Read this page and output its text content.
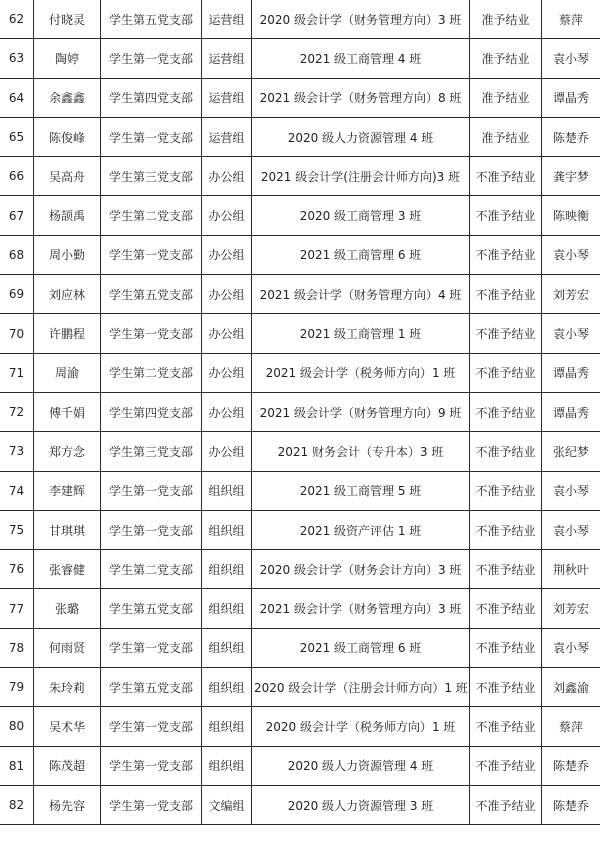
62	付晓灵	学生第五党支部	运营组	2020 级会计学（财务管理方向）3 班	准予结业	蔡萍
63	陶婷	学生第一党支部	运营组	2021 级工商管理 4 班	准予结业	袁小琴
64	余鑫鑫	学生第四党支部	运营组	2021 级会计学（财务管理方向）8 班	准予结业	谭晶秀
65	陈俊峰	学生第一党支部	运营组	2020 级人力资源管理 4 班	准予结业	陈楚乔
66	吴高舟	学生第三党支部	办公组	2021 级会计学(注册会计师方向)3 班	不准予结业	龚宇梦
67	杨颉禹	学生第二党支部	办公组	2020 级工商管理 3 班	不准予结业	陈映衡
68	周小勤	学生第一党支部	办公组	2021 级工商管理 6 班	不准予结业	袁小琴
69	刘应林	学生第五党支部	办公组	2021 级会计学（财务管理方向）4 班	不准予结业	刘芳宏
70	许鹏程	学生第一党支部	办公组	2021 级工商管理 1 班	不准予结业	袁小琴
71	周渝	学生第二党支部	办公组	2021 级会计学（税务师方向）1 班	不准予结业	谭晶秀
72	傅千娟	学生第四党支部	办公组	2021 级会计学（财务管理方向）9 班	不准予结业	谭晶秀
73	郑方念	学生第三党支部	办公组	2021 财务会计（专升本）3 班	不准予结业	张纪梦
74	李建辉	学生第一党支部	组织组	2021 级工商管理 5 班	不准予结业	袁小琴
75	甘琪琪	学生第一党支部	组织组	2021 级资产评估 1 班	不准予结业	袁小琴
76	张睿健	学生第二党支部	组织组	2020 级会计学（财务会计方向）3 班	不准予结业	荆秋叶
77	张璐	学生第五党支部	组织组	2021 级会计学（财务管理方向）3 班	不准予结业	刘芳宏
78	何雨贤	学生第一党支部	组织组	2021 级工商管理 6 班	不准予结业	袁小琴
79	朱玲莉	学生第五党支部	组织组	2020 级会计学（注册会计师方向）1 班	不准予结业	刘鑫渝
80	吴术华	学生第一党支部	组织组	2020 级会计学（税务师方向）1 班	不准予结业	蔡萍
81	陈茂超	学生第一党支部	组织组	2020 级人力资源管理 4 班	不准予结业	陈楚乔
82	杨先容	学生第一党支部	文编组	2020 级人力资源管理 3 班	不准予结业	陈楚乔
